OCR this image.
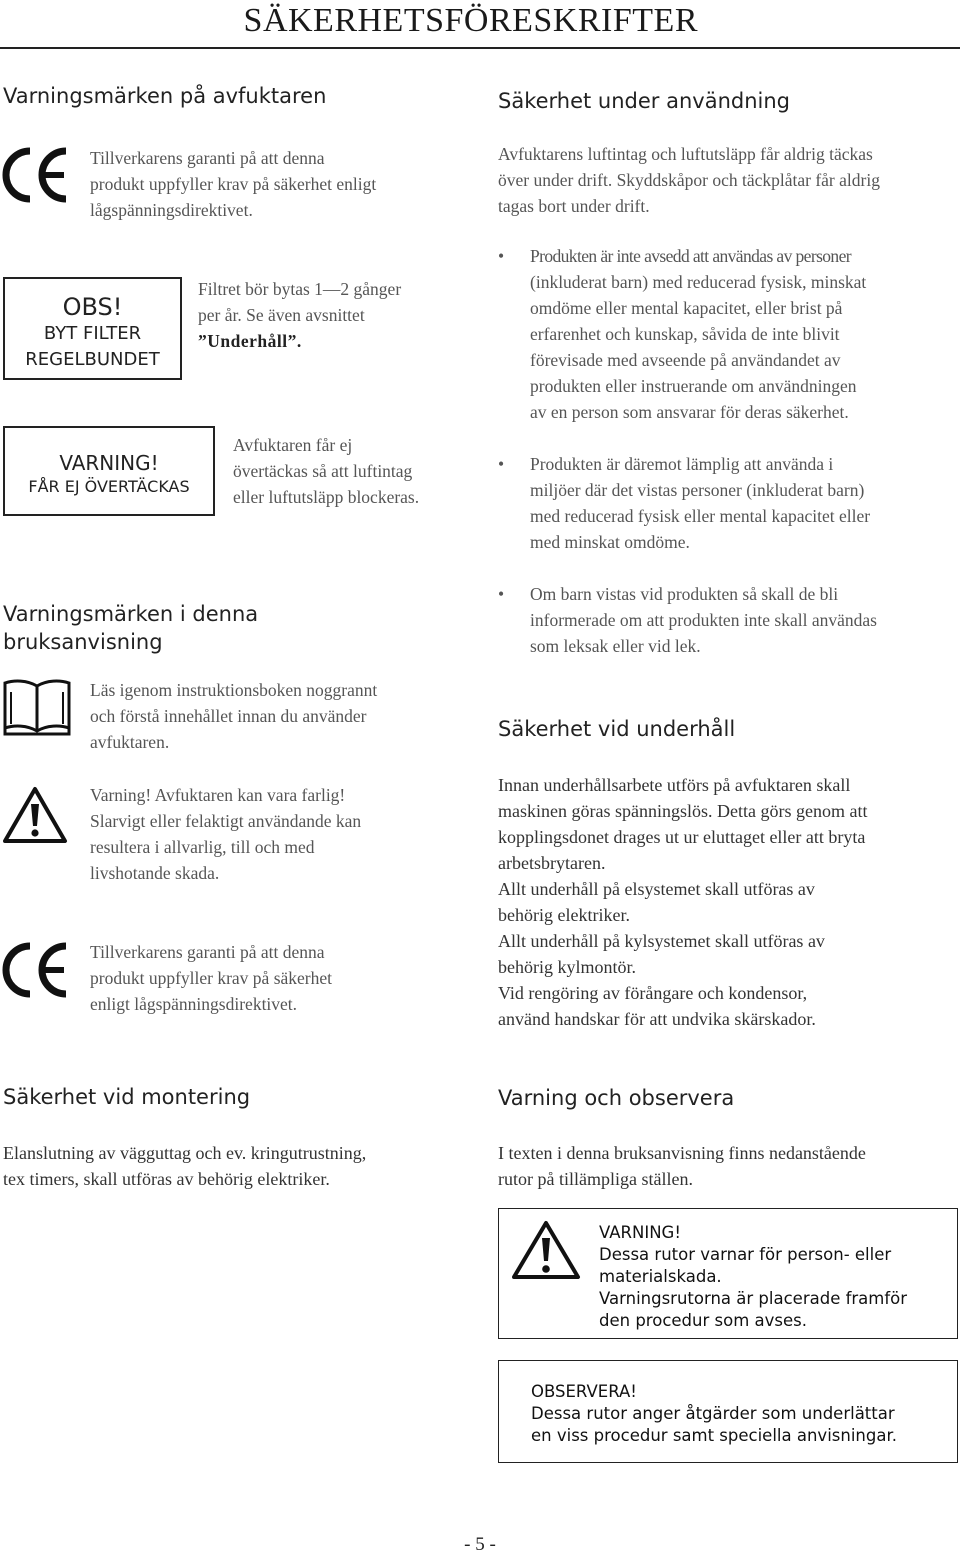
SÄKERHETSFÖRESKRIFTER
Varningsmärken på avfuktaren
Tillverkarens garanti på att denna
produkt uppfyller krav på säkerhet enligt
lågspänningsdirektivet.
OBS!
BYT FILTER
REGELBUNDET
Filtret bör bytas 1—2 gånger
per år. Se även avsnittet
”Underhåll”.
VARNING!
FÅR EJ ÖVERTÄCKAS
Avfuktaren får ej
övertäckas så att luftintag
eller luftutsläpp blockeras.
Varningsmärken i denna
bruksanvisning
Läs igenom instruktionsboken noggrannt
och förstå innehållet innan du använder
avfuktaren.
Varning! Avfuktaren kan vara farlig!
Slarvigt eller felaktigt användande kan
resultera i allvarlig, till och med
livshotande skada.
Tillverkarens garanti på att denna
produkt uppfyller krav på säkerhet
enligt lågspänningsdirektivet.
Säkerhet vid montering
Elanslutning av vägguttag och ev. kringutrustning,
tex timers, skall utföras av behörig elektriker.
Säkerhet under användning
Avfuktarens luftintag och luftutsläpp får aldrig täckas
över under drift. Skyddskåpor och täckplåtar får aldrig
tagas bort under drift.
• Produkten är inte avsedd att användas av personer
(inkluderat barn) med reducerad fysisk, minskat
omdöme eller mental kapacitet, eller brist på
erfarenhet och kunskap, såvida de inte blivit
förevisade med avseende på användandet av
produkten eller instruerande om användningen
av en person som ansvarar för deras säkerhet.
• Produkten är däremot lämplig att använda i
miljöer där det vistas personer (inkluderat barn)
med reducerad fysisk eller mental kapacitet eller
med minskat omdöme.
• Om barn vistas vid produkten så skall de bli
informerade om att produkten inte skall användas
som leksak eller vid lek.
Säkerhet vid underhåll
Innan underhållsarbete utförs på avfuktaren skall
maskinen göras spänningslös. Detta görs genom att
kopplingsdonet drages ut ur eluttaget eller att bryta
arbetsbrytaren.
Allt underhåll på elsystemet skall utföras av
behörig elektriker.
Allt underhåll på kylsystemet skall utföras av
behörig kylmontör.
Vid rengöring av förångare och kondensor,
använd handskar för att undvika skärskador.
Varning och observera
I texten i denna bruksanvisning finns nedanstående
rutor på tillämpliga ställen.
VARNING!
Dessa rutor varnar för person- eller
materialskada.
Varningsrutorna är placerade framför
den procedur som avses.
OBSERVERA!
Dessa rutor anger åtgärder som underlättar
en viss procedur samt speciella anvisningar.
- 5 -
